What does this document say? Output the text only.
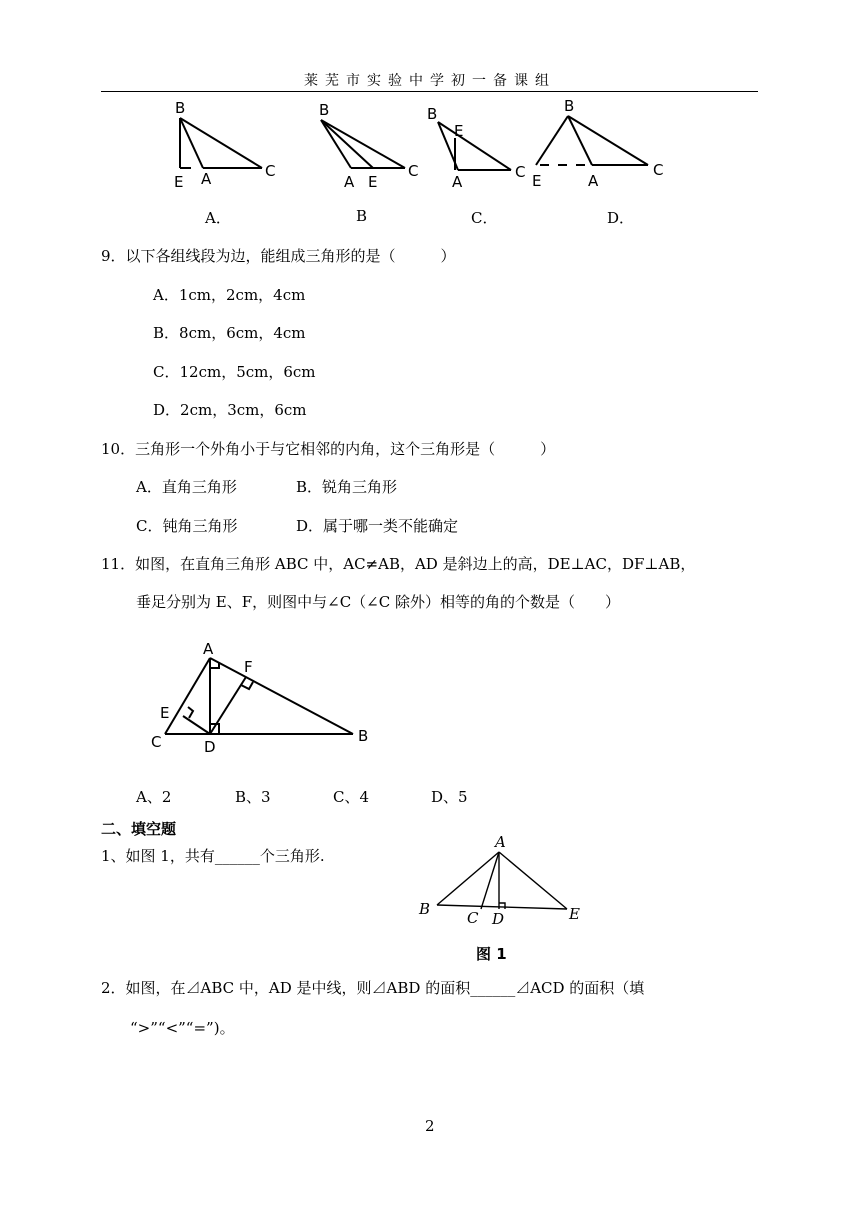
莱芜市实验中学初一备课组
B
E A	C
B
A E
C
B
E
A
C
B
E	A
C
A．	B	C．	D．
9．以下各组线段为边，能组成三角形的是（　　　）
A．1cm，2cm，4cm
B．8cm，6cm，4cm
C．12cm，5cm，6cm
D．2cm，3cm，6cm
10．三角形一个外角小于与它相邻的内角，这个三角形是（　　　）
A．直角三角形	B．锐角三角形
C．钝角三角形	D．属于哪一类不能确定
11．如图，在直角三角形 ABC 中，AC≠AB，AD 是斜边上的高，DE⊥AC，DF⊥AB，
垂足分别为 E、F，则图中与∠C（∠C 除外）相等的角的个数是（　　）
A
F
E
C	D
B
A、2	B、3	C、4	D、5
二、填空题
1、如图 1，共有______个三角形.
A
B C D	E
图 1
2．如图，在⊿ABC 中，AD 是中线，则⊿ABD 的面积______⊿ACD 的面积（填
“>”“<”“=”)。
2
